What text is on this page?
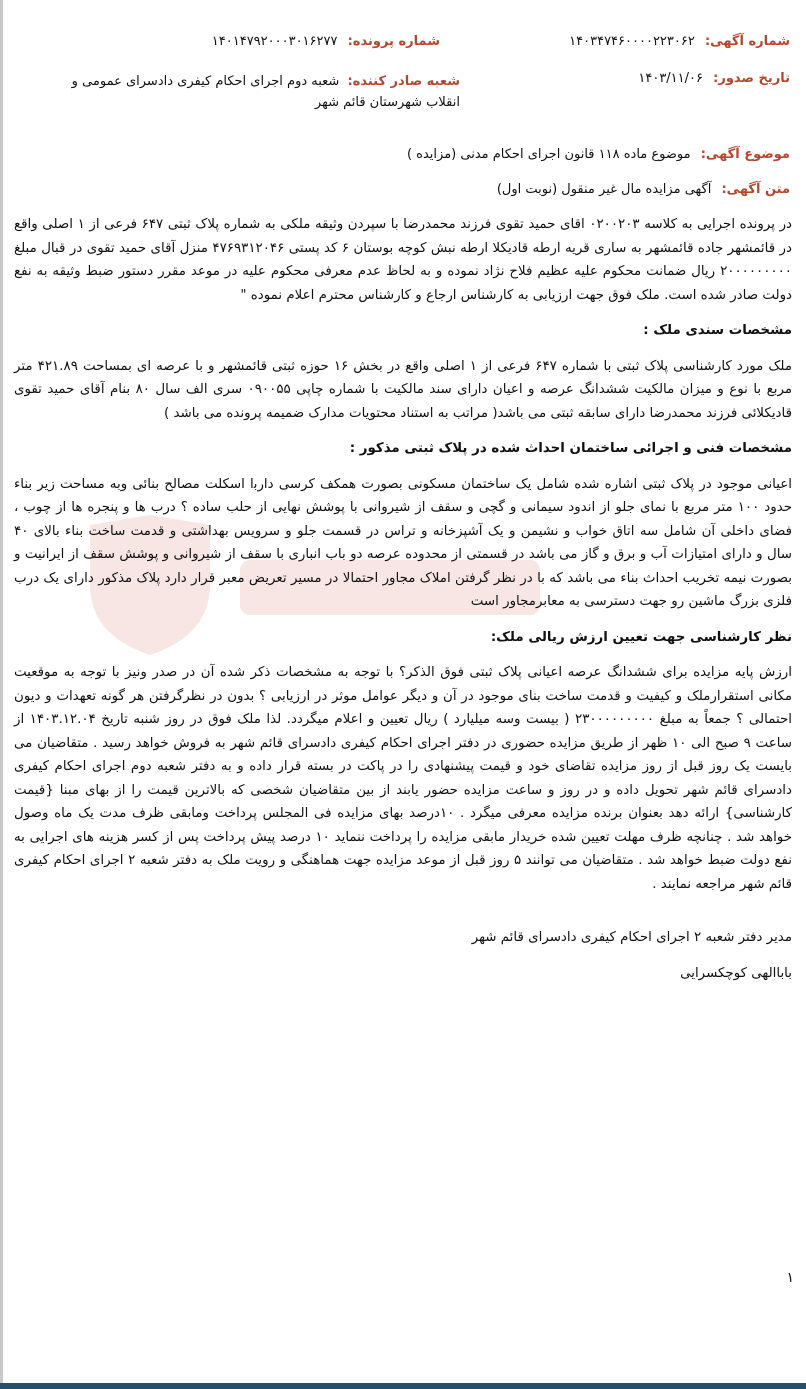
شماره آگهی: ۱۴۰۳۴۷۴۶۰۰۰۰۲۲۳۰۶۲
شماره پرونده: ۱۴۰۱۴۷۹۲۰۰۰۳۰۱۶۲۷۷
تاریخ صدور: ۱۴۰۳/۱۱/۰۶
شعبه صادر کننده: شعبه دوم اجرای احکام کیفری دادسرای عمومی و انقلاب شهرستان قائم شهر
موضوع آگهی: موضوع ماده ۱۱۸ قانون اجرای احکام مدنی (مزایده )
متن آگهی: آگهی مزایده مال غیر منقول (نوبت اول)

در پرونده اجرایی به کلاسه ۰۲۰۰۲۰۳ اقای حمید تقوی فرزند محمدرضا با سپردن وثیقه ملکی به شماره پلاک ثبتی ۶۴۷ فرعی از ۱ اصلی واقع در قائمشهر جاده قائمشهر به ساری قریه ارطه قادیکلا ارطه نبش کوچه بوستان ۶ کد پستی ۴۷۶۹۳۱۲۰۴۶ منزل آقای حمید تقوی در قبال مبلغ ۲۰۰۰۰۰۰۰۰۰ ریال ضمانت محکوم علیه عظیم فلاح نژاد نموده و به لحاظ عدم معرفی محکوم علیه در موعد مقرر دستور ضبط وثیقه به نفع دولت صادر شده است. ملک فوق جهت ارزیابی به کارشناس ارجاع و کارشناس محترم اعلام نموده "

مشخصات سندی ملک :

ملک مورد کارشناسی پلاک ثبتی با شماره ۶۴۷ فرعی از ۱ اصلی واقع در بخش ۱۶ حوزه ثبتی قائمشهر و با عرصه ای بمساحت ۴۲۱.۸۹ متر مربع با نوع و میزان مالکیت ششدانگ عرصه و اعیان دارای سند مالکیت با شماره چاپی ۰۹۰۰۵۵ سری الف سال ۸۰ بنام آقای حمید تقوی قادیکلائی فرزند محمدرضا دارای سابقه ثبتی می باشد( مراتب به استناد محتویات مدارک ضمیمه پرونده می باشد )

مشخصات فنی و اجرائی ساختمان احداث شده در پلاک ثبتی مذکور :

اعیانی موجود در پلاک ثبتی اشاره شده شامل یک ساختمان مسکونی بصورت همکف کرسی دارﺑا اسکلت مصالح بنائی وبه مساحت زیر بناء حدود ۱۰۰ متر مربع با نمای جلو از اندود سیمانی و گچی و سقف از شیروانی با پوشش نهایی از حلب ساده ؟ درب ها و پنجره ها از چوب ، فضای داخلی آن شامل سه اتاق خواب و نشیمن و یک آشپزخانه و تراس در قسمت جلو و سرویس بهداشتی و قدمت ساخت بناء بالای ۴۰ سال و دارای امتیازات آب و برق و گاز می باشد در قسمتی از محدوده عرصه دو باب انباری با سقف از شیروانی و پوشش سقف از ایرانیت و بصورت نیمه تخریب احداث بناء می باشد که با در نظر گرفتن املاک مجاور احتمالا در مسیر تعریض معبر قرار دارد پلاک مذکور دارای یک درب فلزی بزرگ ماشین رو جهت دسترسی به معابرمجاور است

نظر کارشناسی جهت تعیین ارزش ریالی ملک:

ارزش پایه مزایده برای ششدانگ عرصه اعیانی پلاک ثبتی فوق الذکر؟ با توجه به مشخصات ذکر شده آن در صدر ونیز با توجه به موقعیت مکانی استقرارملک و کیفیت و قدمت ساخت بنای موجود در آن و دیگر عوامل موثر در ارزیابی ؟ بدون در نظرگرفتن هر گونه تعهدات و دیون احتمالی ؟ جمعاً به مبلغ ۲۳۰۰۰۰۰۰۰۰۰ ( بیست وسه میلیارد ) ریال تعیین و اعلام میگردد. لذا ملک فوق در روز شنبه تاریخ ۱۴۰۳.۱۲.۰۴ از ساعت ۹ صبح الی ۱۰ ظهر از طریق مزایده حضوری در دفتر اجرای احکام کیفری دادسرای قائم شهر به فروش خواهد رسید . متقاضیان می بایست یک روز قبل از روز مزایده تقاضای خود و قیمت پیشنهادی را در پاکت در بسته قرار داده و به دفتر شعبه دوم اجرای احکام کیفری دادسرای قائم شهر تحویل داده و در روز و ساعت مزایده حضور یابند از بین متقاضیان شخصی که بالاترین قیمت را از بهای مبنا {قیمت کارشناسی} ارائه دهد بعنوان برنده مزایده معرفی میگرد . ۱۰درصد بهای مزایده فی المجلس پرداخت ومابقی ظرف مدت یک ماه وصول خواهد شد . چنانچه ظرف مهلت تعیین شده خریدار مابقی مزایده را پرداخت ننماید ۱۰ درصد پیش پرداخت پس از کسر هزینه های اجرایی به نفع دولت ضبط خواهد شد . متقاضیان می توانند ۵ روز قبل از موعد مزایده جهت هماهنگی و رویت ملک به دفتر شعبه ۲ اجرای احکام کیفری قائم شهر مراجعه نمایند .

مدیر دفتر شعبه ۲ اجرای احکام کیفری دادسرای قائم شهر

باباالهی کوچکسرایی

۱
